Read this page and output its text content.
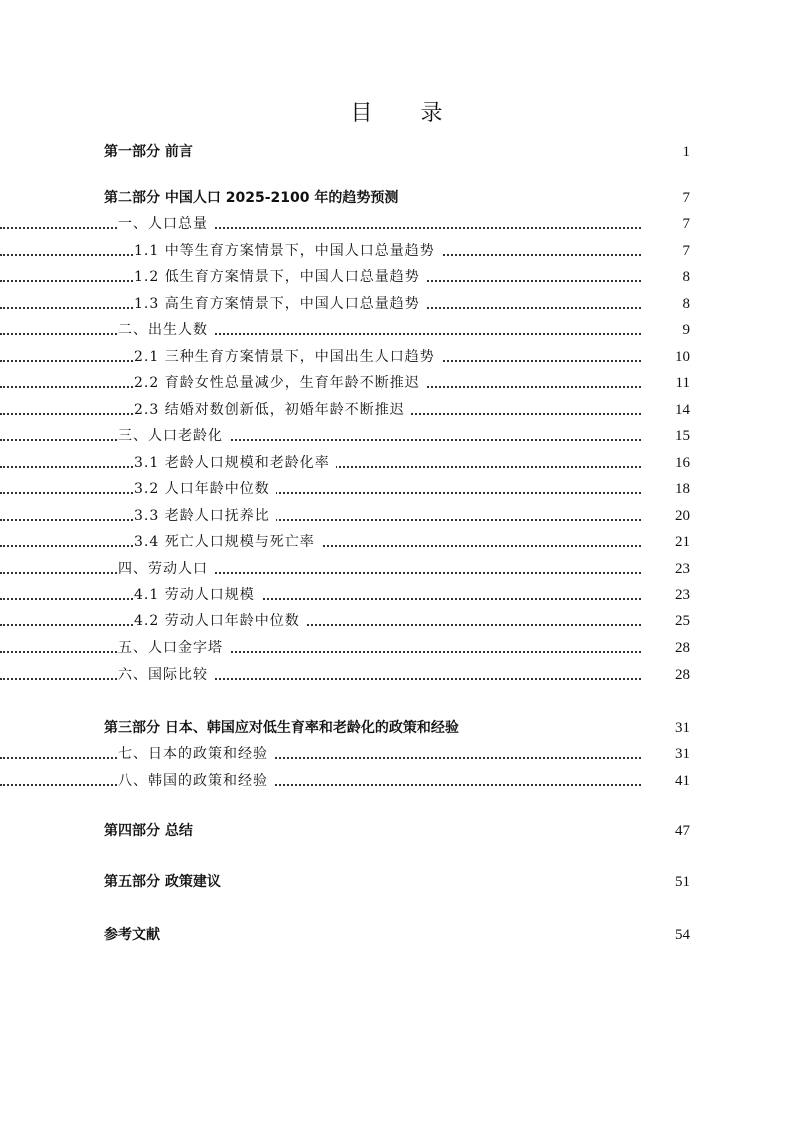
目 录
第一部分 前言	1
第二部分 中国人口 2025-2100 年的趋势预测	7
一、人口总量	7
1.1 中等生育方案情景下，中国人口总量趋势	7
1.2 低生育方案情景下，中国人口总量趋势	8
1.3 高生育方案情景下，中国人口总量趋势	8
二、出生人数	9
2.1 三种生育方案情景下，中国出生人口趋势	10
2.2 育龄女性总量减少，生育年龄不断推迟	11
2.3 结婚对数创新低，初婚年龄不断推迟	14
三、人口老龄化	15
3.1 老龄人口规模和老龄化率	16
3.2 人口年龄中位数	18
3.3 老龄人口抚养比	20
3.4 死亡人口规模与死亡率	21
四、劳动人口	23
4.1 劳动人口规模	23
4.2 劳动人口年龄中位数	25
五、人口金字塔	28
六、国际比较	28
第三部分 日本、韩国应对低生育率和老龄化的政策和经验	31
七、日本的政策和经验	31
八、韩国的政策和经验	41
第四部分 总结	47
第五部分 政策建议	51
参考文献	54
